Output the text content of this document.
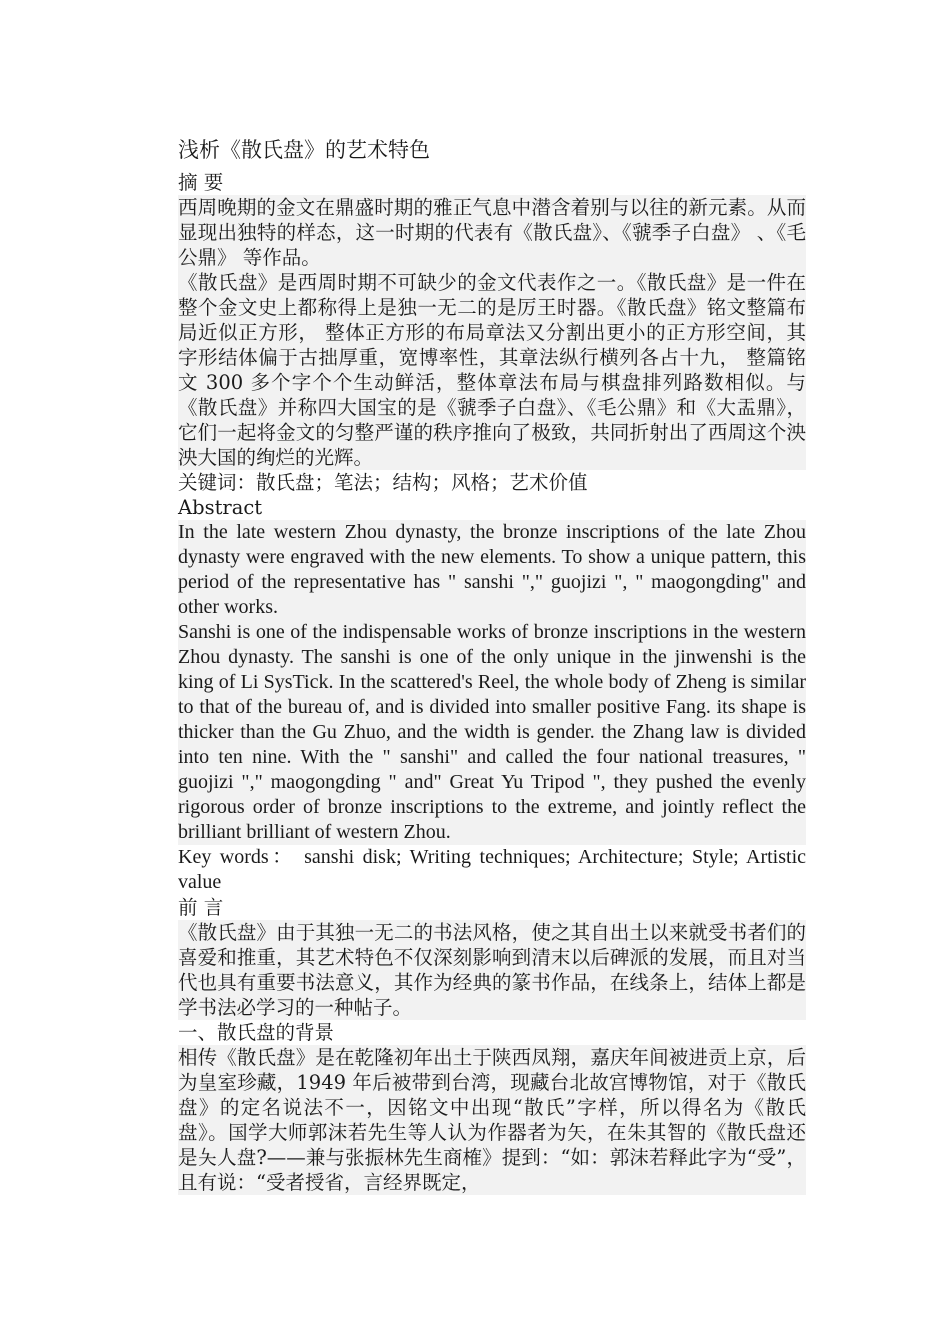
浅析《散氏盘》的艺术特色

摘 要

西周晚期的金文在鼎盛时期的雅正气息中潜含着别与以往的新元素。从而显现出独特的样态，这一时期的代表有《散氏盘》、《虢季子白盘》 、《毛公鼎》 等作品。

《散氏盘》是西周时期不可缺少的金文代表作之一。《散氏盘》是一件在整个金文史上都称得上是独一无二的是厉王时器。《散氏盘》铭文整篇布局近似正方形， 整体正方形的布局章法又分割出更小的正方形空间，其字形结体偏于古拙厚重，宽博率性，其章法纵行横列各占十九， 整篇铭文 300 多个字个个生动鲜活，整体章法布局与棋盘排列路数相似。与《散氏盘》并称四大国宝的是《虢季子白盘》、《毛公鼎》和《大盂鼎》，它们一起将金文的匀整严谨的秩序推向了极致，共同折射出了西周这个泱泱大国的绚烂的光辉。

关键词：散氏盘；笔法；结构；风格；艺术价值

Abstract

In the late western Zhou dynasty, the bronze inscriptions of the late Zhou dynasty were engraved with the new elements. To show a unique pattern, this period of the representative has " sanshi "," guojizi ", " maogongding" and other works.

Sanshi is one of the indispensable works of bronze inscriptions in the western Zhou dynasty. The sanshi is one of the only unique in the jinwenshi is the king of Li SysTick. In the scattered's Reel, the whole body of Zheng is similar to that of the bureau of, and is divided into smaller positive Fang. its shape is thicker than the Gu Zhuo, and the width is gender. the Zhang law is divided into ten nine. With the " sanshi" and called the four national treasures, " guojizi "," maogongding " and" Great Yu Tripod ", they pushed the evenly rigorous order of bronze inscriptions to the extreme, and jointly reflect the brilliant brilliant of western Zhou.

Key words： sanshi disk; Writing techniques; Architecture; Style; Artistic value

前 言

《散氏盘》由于其独一无二的书法风格，使之其自出土以来就受书者们的喜爱和推重，其艺术特色不仅深刻影响到清末以后碑派的发展，而且对当代也具有重要书法意义，其作为经典的篆书作品，在线条上，结体上都是学书法必学习的一种帖子。

一、散氏盘的背景

相传《散氏盘》是在乾隆初年出土于陕西凤翔，嘉庆年间被进贡上京，后为皇室珍藏，1949 年后被带到台湾，现藏台北故宫博物馆，对于《散氏盘》的定名说法不一，因铭文中出现“散氏”字样，所以得名为《散氏盘》。国学大师郭沫若先生等人认为作器者为矢，在朱其智的《散氏盘还是夨人盘?——兼与张振林先生商榷》提到：“如：郭沫若释此字为“受”，且有说：“受者授省，言经界既定，
